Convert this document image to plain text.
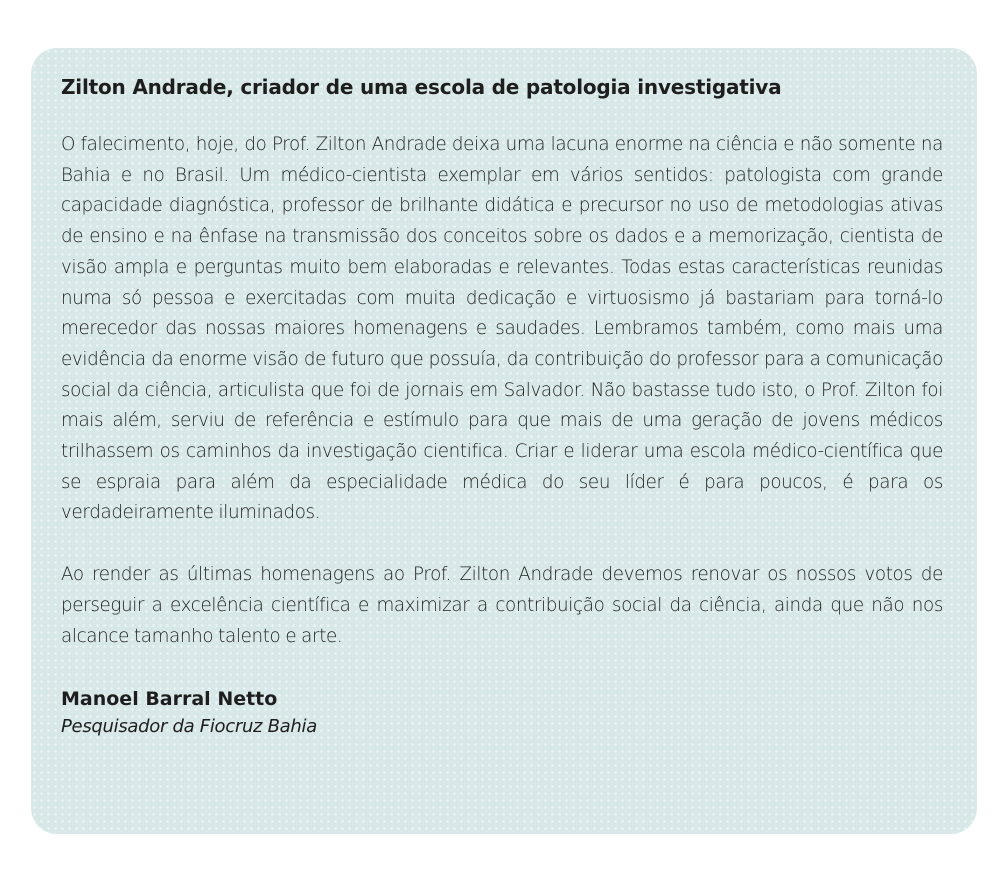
Zilton Andrade, criador de uma escola de patologia investigativa

O falecimento, hoje, do Prof. Zilton Andrade deixa uma lacuna enorme na ciência e não somente na Bahia e no Brasil. Um médico-cientista exemplar em vários sentidos: patologista com grande capacidade diagnóstica, professor de brilhante didática e precursor no uso de metodologias ativas de ensino e na ênfase na transmissão dos conceitos sobre os dados e a memorização, cientista de visão ampla e perguntas muito bem elaboradas e relevantes. Todas estas características reunidas numa só pessoa e exercitadas com muita dedicação e virtuosismo já bastariam para torná-lo merecedor das nossas maiores homenagens e saudades. Lembramos também, como mais uma evidência da enorme visão de futuro que possuía, da contribuição do professor para a comunicação social da ciência, articulista que foi de jornais em Salvador. Não bastasse tudo isto, o Prof. Zilton foi mais além, serviu de referência e estímulo para que mais de uma geração de jovens médicos trilhassem os caminhos da investigação cientifica. Criar e liderar uma escola médico-científica que se espraia para além da especialidade médica do seu líder é para poucos, é para os verdadeiramente iluminados.

Ao render as últimas homenagens ao Prof. Zilton Andrade devemos renovar os nossos votos de perseguir a excelência científica e maximizar a contribuição social da ciência, ainda que não nos alcance tamanho talento e arte.

Manoel Barral Netto
Pesquisador da Fiocruz Bahia
